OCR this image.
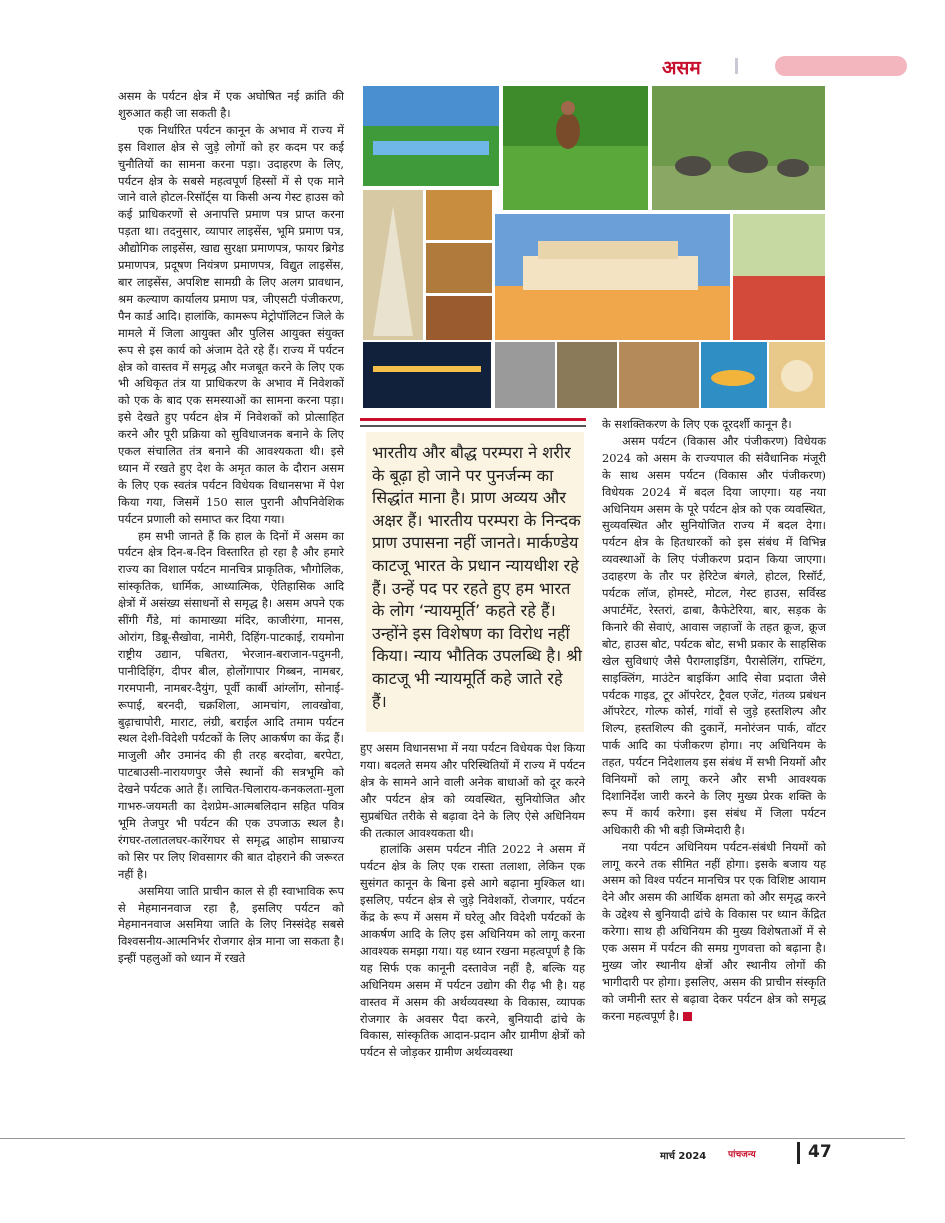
असम

असम के पर्यटन क्षेत्र में एक अघोषित नई क्रांति की शुरुआत कही जा सकती है।

एक निर्धारित पर्यटन कानून के अभाव में राज्य में इस विशाल क्षेत्र से जुड़े लोगों को हर कदम पर कई चुनौतियों का सामना करना पड़ा। उदाहरण के लिए, पर्यटन क्षेत्र के सबसे महत्वपूर्ण हिस्सों में से एक माने जाने वाले होटल-रिसॉर्ट्स या किसी अन्य गेस्ट हाउस को कई प्राधिकरणों से अनापत्ति प्रमाण पत्र प्राप्त करना पड़ता था। तदनुसार, व्यापार लाइसेंस, भूमि प्रमाण पत्र, औद्योगिक लाइसेंस, खाद्य सुरक्षा प्रमाणपत्र, फायर ब्रिगेड प्रमाणपत्र, प्रदूषण नियंत्रण प्रमाणपत्र, विद्युत लाइसेंस, बार लाइसेंस, अपशिष्ट सामग्री के लिए अलग प्रावधान, श्रम कल्याण कार्यालय प्रमाण पत्र, जीएसटी पंजीकरण, पैन कार्ड आदि। हालांकि, कामरूप मेट्रोपॉलिटन जिले के मामले में जिला आयुक्त और पुलिस आयुक्त संयुक्त रूप से इस कार्य को अंजाम देते रहे हैं। राज्य में पर्यटन क्षेत्र को वास्तव में समृद्ध और मजबूत करने के लिए एक भी अधिकृत तंत्र या प्राधिकरण के अभाव में निवेशकों को एक के बाद एक समस्याओं का सामना करना पड़ा। इसे देखते हुए पर्यटन क्षेत्र में निवेशकों को प्रोत्साहित करने और पूरी प्रक्रिया को सुविधाजनक बनाने के लिए एकल संचालित तंत्र बनाने की आवश्यकता थी। इसे ध्यान में रखते हुए देश के अमृत काल के दौरान असम के लिए एक स्वतंत्र पर्यटन विधेयक विधानसभा में पेश किया गया, जिसमें 150 साल पुरानी औपनिवेशिक पर्यटन प्रणाली को समाप्त कर दिया गया।

हम सभी जानते हैं कि हाल के दिनों में असम का पर्यटन क्षेत्र दिन-ब-दिन विस्तारित हो रहा है और हमारे राज्य का विशाल पर्यटन मानचित्र प्राकृतिक, भौगोलिक, सांस्कृतिक, धार्मिक, आध्यात्मिक, ऐतिहासिक आदि क्षेत्रों में असंख्य संसाधनों से समृद्ध है। असम अपने एक सींगी गैंडे, मां कामाख्या मंदिर, काजीरंगा, मानस, ओरांग, डिब्रू-सैखोवा, नामेरी, दिहिंग-पाटकाई, रायमोना राष्ट्रीय उद्यान, पबितरा, भेरजान-बराजान-पदुमनी, पानीदिहिंग, दीपर बील, होलोंगापार गिब्बन, नामबर, गरमपानी, नामबर-दैयुंग, पूर्वी कार्बी आंग्लोंग, सोनाई-रूपाई, बरनदी, चक्रशिला, आमचांग, लावखोवा, बुढ़ाचापोरी, माराट, लंग्री, बराईल आदि तमाम पर्यटन स्थल देशी-विदेशी पर्यटकों के लिए आकर्षण का केंद्र हैं। माजुली और उमानंद की ही तरह बरदोवा, बरपेटा, पाटबाउसी-नारायणपुर जैसे स्थानों की सत्रभूमि को देखने पर्यटक आते हैं। लाचित-चिलाराय-कनकलता-मुला गाभरु-जयमती का देशप्रेम-आत्मबलिदान सहित पवित्र भूमि तेजपुर भी पर्यटन की एक उपजाऊ स्थल है। रंगघर-तलातलघर-कारेंगघर से समृद्ध आहोम साम्राज्य को सिर पर लिए शिवसागर की बात दोहराने की जरूरत नहीं है।

असमिया जाति प्राचीन काल से ही स्वाभाविक रूप से मेहमाननवाज रहा है, इसलिए पर्यटन को मेहमाननवाज असमिया जाति के लिए निस्संदेह सबसे विश्वसनीय-आत्मनिर्भर रोजगार क्षेत्र माना जा सकता है। इन्हीं पहलुओं को ध्यान में रखते

भारतीय और बौद्ध परम्परा ने शरीर के बूढ़ा हो जाने पर पुनर्जन्म का सिद्धांत माना है। प्राण अव्यय और अक्षर हैं। भारतीय परम्परा के निन्दक प्राण उपासना नहीं जानते। मार्कण्डेय काटजू भारत के प्रधान न्यायधीश रहे हैं। उन्हें पद पर रहते हुए हम भारत के लोग ‘न्यायमूर्ति’ कहते रहे हैं। उन्होंने इस विशेषण का विरोध नहीं किया। न्याय भौतिक उपलब्धि है। श्री काटजू भी न्यायमूर्ति कहे जाते रहे हैं।

हुए असम विधानसभा में नया पर्यटन विधेयक पेश किया गया। बदलते समय और परिस्थितियों में राज्य में पर्यटन क्षेत्र के सामने आने वाली अनेक बाधाओं को दूर करने और पर्यटन क्षेत्र को व्यवस्थित, सुनियोजित और सुप्रबंधित तरीके से बढ़ावा देने के लिए ऐसे अधिनियम की तत्काल आवश्यकता थी।

हालांकि असम पर्यटन नीति 2022 ने असम में पर्यटन क्षेत्र के लिए एक रास्ता तलाशा, लेकिन एक सुसंगत कानून के बिना इसे आगे बढ़ाना मुश्किल था। इसलिए, पर्यटन क्षेत्र से जुड़े निवेशकों, रोजगार, पर्यटन केंद्र के रूप में असम में घरेलू और विदेशी पर्यटकों के आकर्षण आदि के लिए इस अधिनियम को लागू करना आवश्यक समझा गया। यह ध्यान रखना महत्वपूर्ण है कि यह सिर्फ एक कानूनी दस्तावेज नहीं है, बल्कि यह अधिनियम असम में पर्यटन उद्योग की रीढ़ भी है। यह वास्तव में असम की अर्थव्यवस्था के विकास, व्यापक रोजगार के अवसर पैदा करने, बुनियादी ढांचे के विकास, सांस्कृतिक आदान-प्रदान और ग्रामीण क्षेत्रों को पर्यटन से जोड़कर ग्रामीण अर्थव्यवस्था

के सशक्तिकरण के लिए एक दूरदर्शी कानून है।

असम पर्यटन (विकास और पंजीकरण) विधेयक 2024 को असम के राज्यपाल की संवैधानिक मंजूरी के साथ असम पर्यटन (विकास और पंजीकरण) विधेयक 2024 में बदल दिया जाएगा। यह नया अधिनियम असम के पूरे पर्यटन क्षेत्र को एक व्यवस्थित, सुव्यवस्थित और सुनियोजित राज्य में बदल देगा। पर्यटन क्षेत्र के हितधारकों को इस संबंध में विभिन्न व्यवस्थाओं के लिए पंजीकरण प्रदान किया जाएगा। उदाहरण के तौर पर हेरिटेज बंगले, होटल, रिसॉर्ट, पर्यटक लॉज, होमस्टे, मोटल, गेस्ट हाउस, सर्विस्ड अपार्टमेंट, रेस्तरां, ढाबा, कैफेटेरिया, बार, सड़क के किनारे की सेवाएं, आवास जहाजों के तहत क्रूज, क्रूज बोट, हाउस बोट, पर्यटक बोट, सभी प्रकार के साहसिक खेल सुविधाएं जैसे पैराग्लाइडिंग, पैरासेलिंग, राफ्टिंग, साइक्लिंग, माउंटेन बाइकिंग आदि सेवा प्रदाता जैसे पर्यटक गाइड, टूर ऑपरेटर, ट्रैवल एजेंट, गंतव्य प्रबंधन ऑपरेटर, गोल्फ कोर्स, गांवों से जुड़े हस्तशिल्प और शिल्प, हस्तशिल्प की दुकानें, मनोरंजन पार्क, वॉटर पार्क आदि का पंजीकरण होगा। नए अधिनियम के तहत, पर्यटन निदेशालय इस संबंध में सभी नियमों और विनियमों को लागू करने और सभी आवश्यक दिशानिर्देश जारी करने के लिए मुख्य प्रेरक शक्ति के रूप में कार्य करेगा। इस संबंध में जिला पर्यटन अधिकारी की भी बड़ी जिम्मेदारी है।

नया पर्यटन अधिनियम पर्यटन-संबंधी नियमों को लागू करने तक सीमित नहीं होगा। इसके बजाय यह असम को विश्व पर्यटन मानचित्र पर एक विशिष्ट आयाम देने और असम की आर्थिक क्षमता को और समृद्ध करने के उद्देश्य से बुनियादी ढांचे के विकास पर ध्यान केंद्रित करेगा। साथ ही अधिनियम की मुख्य विशेषताओं में से एक असम में पर्यटन की समग्र गुणवत्ता को बढ़ाना है। मुख्य जोर स्थानीय क्षेत्रों और स्थानीय लोगों की भागीदारी पर होगा। इसलिए, असम की प्राचीन संस्कृति को जमीनी स्तर से बढ़ावा देकर पर्यटन क्षेत्र को समृद्ध करना महत्वपूर्ण है।

मार्च 2024 पांचजन्य	47
